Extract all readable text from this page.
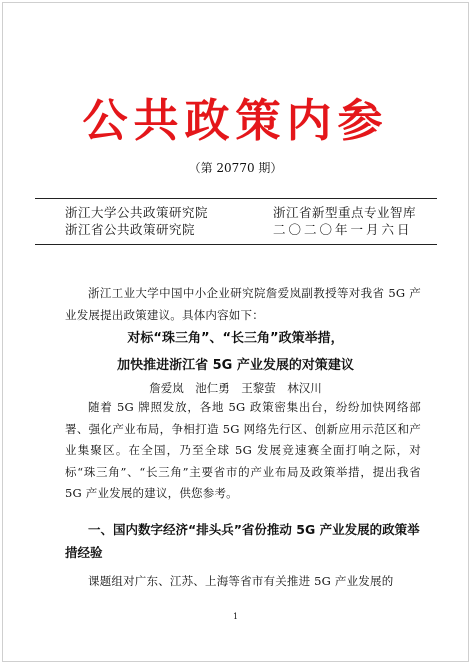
公共政策内参
（第 20770 期）
浙江大学公共政策研究院	浙江省新型重点专业智库
浙江省公共政策研究院	二〇二〇年一月六日
浙江工业大学中国中小企业研究院詹爱岚副教授等对我省 5G 产业发展提出政策建议。具体内容如下：
对标“珠三角”、“长三角”政策举措，
加快推进浙江省 5G 产业发展的对策建议
詹爱岚　池仁勇　王黎萤　林汉川
随着 5G 牌照发放，各地 5G 政策密集出台，纷纷加快网络部署、强化产业布局，争相打造 5G 网络先行区、创新应用示范区和产业集聚区。在全国，乃至全球 5G 发展竞速赛全面打响之际，对标“珠三角”、“长三角”主要省市的产业布局及政策举措，提出我省 5G 产业发展的建议，供您参考。
一、国内数字经济“排头兵”省份推动 5G 产业发展的政策举措经验
课题组对广东、江苏、上海等省市有关推进 5G 产业发展的
1
